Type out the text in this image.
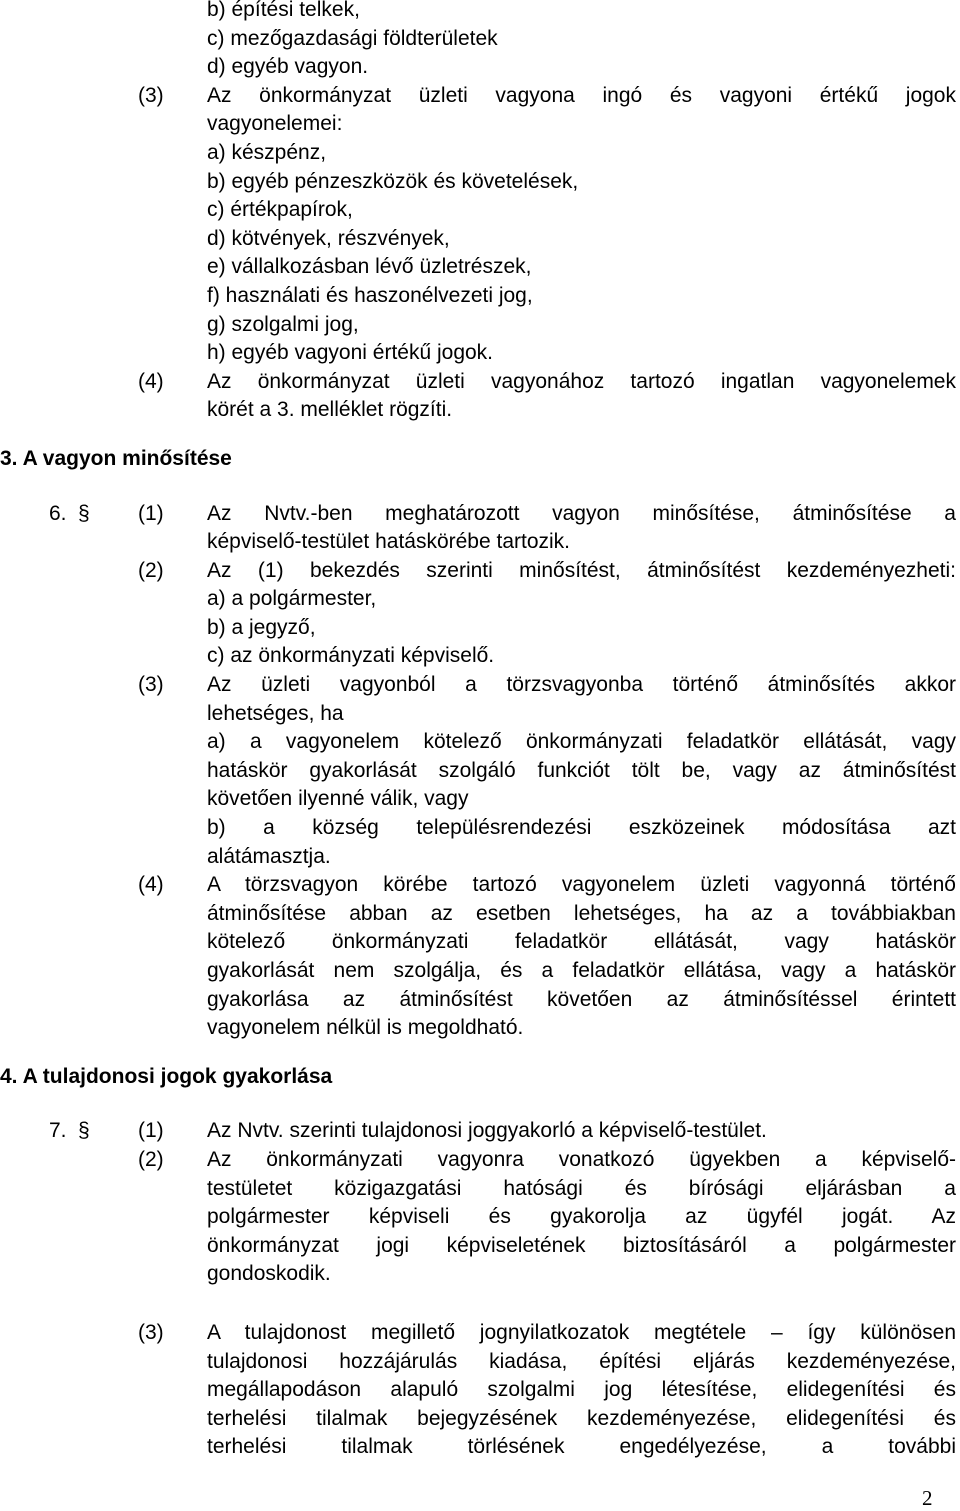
b) építési telkek,
c) mezőgazdasági földterületek
d) egyéb vagyon.
(3) Az önkormányzat üzleti vagyona ingó és vagyoni értékű jogok
vagyonelemei:
a) készpénz,
b) egyéb pénzeszközök és követelések,
c) értékpapírok,
d) kötvények, részvények,
e) vállalkozásban lévő üzletrészek,
f) használati és haszonélvezeti jog,
g) szolgalmi jog,
h) egyéb vagyoni értékű jogok.
(4) Az önkormányzat üzleti vagyonához tartozó ingatlan vagyonelemek
körét a 3. melléklet rögzíti.
3. A vagyon minősítése
6. § (1) Az Nvtv.-ben meghatározott vagyon minősítése, átminősítése a
képviselő-testület hatáskörébe tartozik.
(2) Az (1) bekezdés szerinti minősítést, átminősítést kezdeményezheti:
a) a polgármester,
b) a jegyző,
c) az önkormányzati képviselő.
(3) Az üzleti vagyonból a törzsvagyonba történő átminősítés akkor
lehetséges, ha
a) a vagyonelem kötelező önkormányzati feladatkör ellátását, vagy
hatáskör gyakorlását szolgáló funkciót tölt be, vagy az átminősítést
követően ilyenné válik, vagy
b) a község településrendezési eszközeinek módosítása azt
alátámasztja.
(4) A törzsvagyon körébe tartozó vagyonelem üzleti vagyonná történő
átminősítése abban az esetben lehetséges, ha az a továbbiakban
kötelező önkormányzati feladatkör ellátását, vagy hatáskör
gyakorlását nem szolgálja, és a feladatkör ellátása, vagy a hatáskör
gyakorlása az átminősítést követően az átminősítéssel érintett
vagyonelem nélkül is megoldható.
4. A tulajdonosi jogok gyakorlása
7. § (1) Az Nvtv. szerinti tulajdonosi joggyakorló a képviselő-testület.
(2) Az önkormányzati vagyonra vonatkozó ügyekben a képviselő-
testületet közigazgatási hatósági és bírósági eljárásban a
polgármester képviseli és gyakorolja az ügyfél jogát. Az
önkormányzat jogi képviseletének biztosításáról a polgármester
gondoskodik.
(3) A tulajdonost megillető jognyilatkozatok megtétele – így különösen
tulajdonosi hozzájárulás kiadása, építési eljárás kezdeményezése,
megállapodáson alapuló szolgalmi jog létesítése, elidegenítési és
terhelési tilalmak bejegyzésének kezdeményezése, elidegenítési és
terhelési tilalmak törlésének engedélyezése, a további
2
